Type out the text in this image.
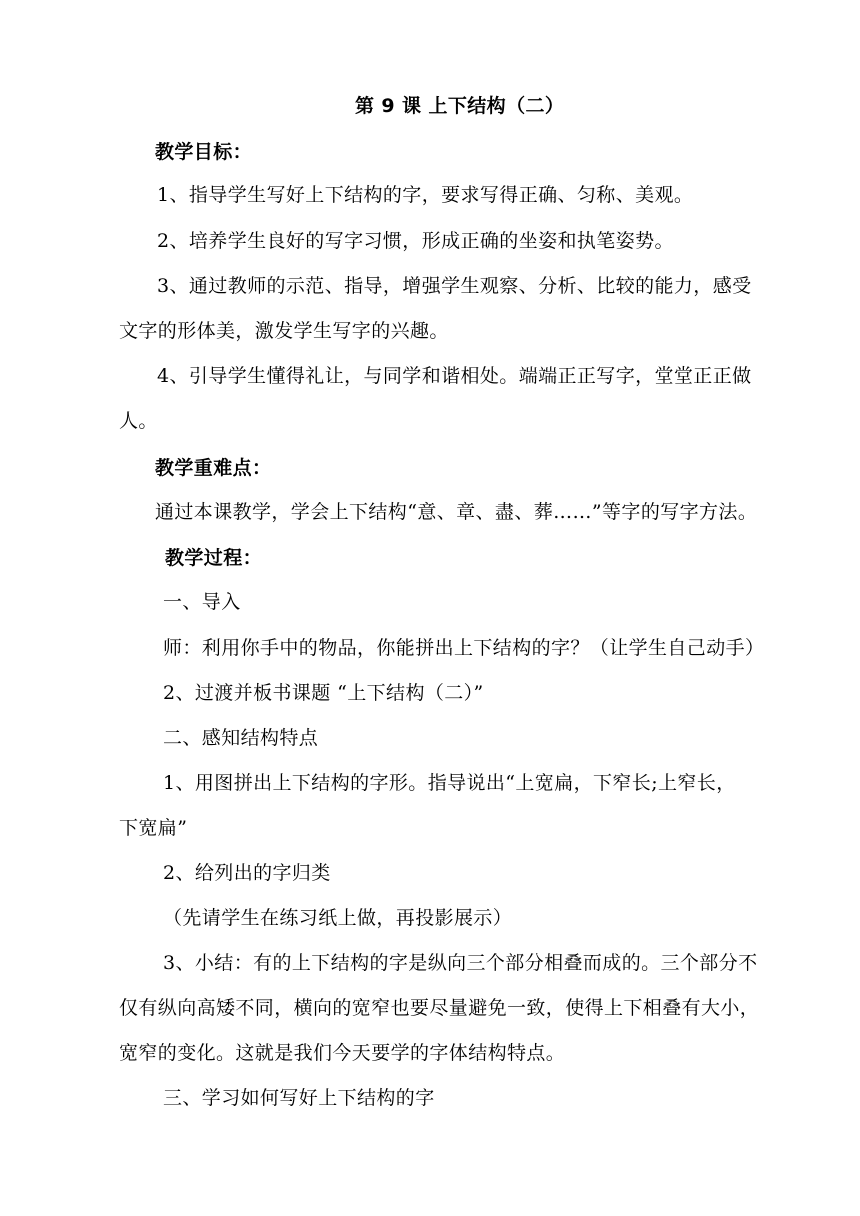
第 9 课 上下结构（二）
教学目标：
1、指导学生写好上下结构的字，要求写得正确、匀称、美观。
2、培养学生良好的写字习惯，形成正确的坐姿和执笔姿势。
3、通过教师的示范、指导，增强学生观察、分析、比较的能力，感受
文字的形体美，激发学生写字的兴趣。
4、引导学生懂得礼让，与同学和谐相处。端端正正写字，堂堂正正做
人。
教学重难点：
通过本课教学，学会上下结构“意、章、盡、葬……”等字的写字方法。
教学过程：
一、导入
师：利用你手中的物品，你能拼出上下结构的字？（让学生自己动手）
2、过渡并板书课题 “上下结构（二）”
二、感知结构特点
1、用图拼出上下结构的字形。指导说出“上宽扁，下窄长;上窄长，
下宽扁”
2、给列出的字归类
（先请学生在练习纸上做，再投影展示）
3、小结：有的上下结构的字是纵向三个部分相叠而成的。三个部分不
仅有纵向高矮不同，横向的宽窄也要尽量避免一致，使得上下相叠有大小，
宽窄的变化。这就是我们今天要学的字体结构特点。
三、学习如何写好上下结构的字
